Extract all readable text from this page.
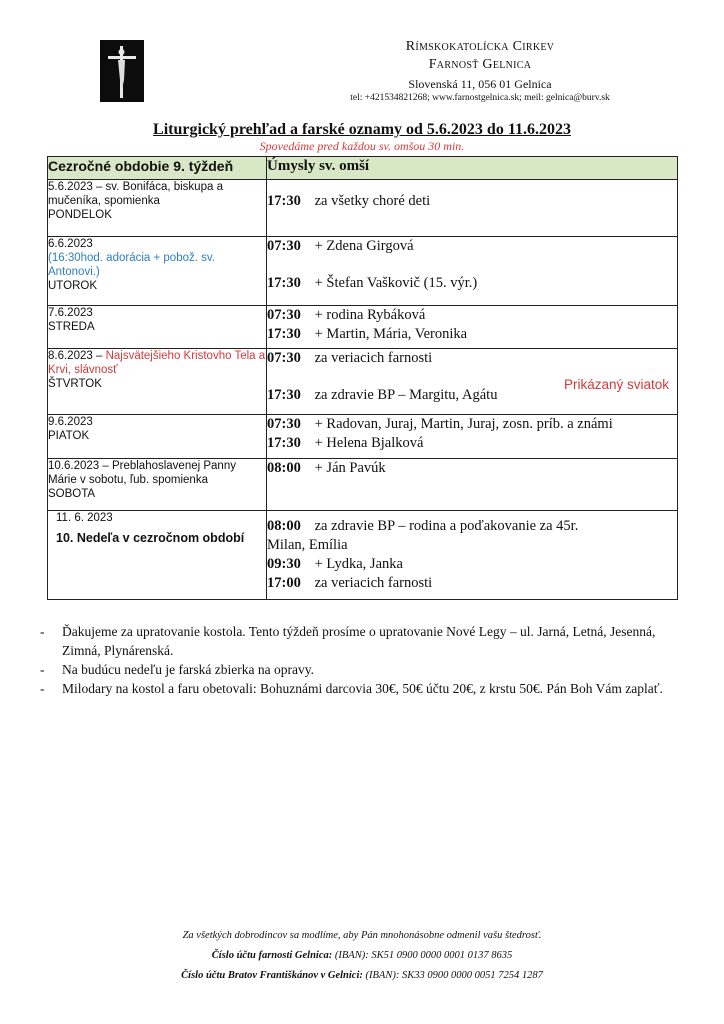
Rímskokatolícka Cirkev
Farnosť Gelnica
Slovenská 11, 056 01 Gelnica
tel: +421534821268; www.farnostgelnica.sk; meil: gelnica@burv.sk
Liturgický prehľad a farské oznamy od 5.6.2023 do 11.6.2023
Spovedáme pred každou sv. omšou 30 min.
Cezročné obdobie 9. týždeň	Úmysly sv. omší
5.6.2023 – sv. Bonifáca, biskupa a mučeníka, spomienka
PONDELOK	17:30 za všetky choré deti

6.6.2023
(16:30hod. adorácia + pobož. sv. Antonovi.)
UTOROK	07:30 + Zdena Girgová
17:30 + Štefan Vaškovič (15. výr.)

7.6.2023
STREDA	07:30 + rodina Rybáková
17:30 + Martin, Mária, Veronika

8.6.2023 – Najsvätejšieho Kristovho Tela a Krvi, slávnosť
ŠTVRTOK	07:30 za veriacich farnosti
17:30 za zdravie BP – Margitu, Agátu
Prikázaný sviatok

9.6.2023
PIATOK	07:30 + Radovan, Juraj, Martin, Juraj, zosn. príb. a známi
17:30 + Helena Bjalková

10.6.2023 – Preblahoslavenej Panny Márie v sobotu, ľub. spomienka
SOBOTA	08:00 + Ján Pavúk

11. 6. 2023
10. Nedeľa v cezročnom období	08:00 za zdravie BP – rodina a poďakovanie za 45r.
Milan, Emília
09:30 + Lydka, Janka
17:00 za veriacich farnosti
- Ďakujeme za upratovanie kostola. Tento týždeň prosíme o upratovanie Nové Legy – ul. Jarná, Letná, Jesenná, Zimná, Plynárenská.
- Na budúcu nedeľu je farská zbierka na opravy.
- Milodary na kostol a faru obetovali: Bohuznámi darcovia 30€, 50€ účtu 20€, z krstu 50€. Pán Boh Vám zaplať.
Za všetkých dobrodincov sa modlíme, aby Pán mnohonásobne odmenil vašu štedrosť.
Číslo účtu farnosti Gelnica: (IBAN): SK51 0900 0000 0001 0137 8635
Číslo účtu Bratov Františkánov v Gelnici: (IBAN): SK33 0900 0000 0051 7254 1287
